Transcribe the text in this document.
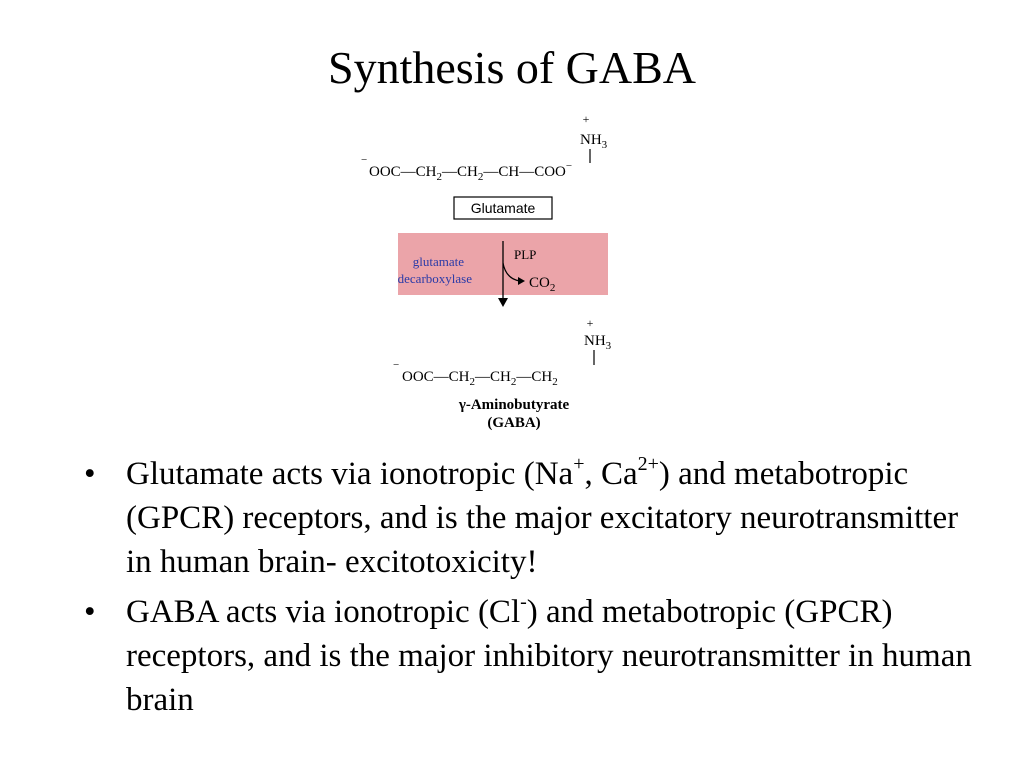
Synthesis of GABA
+
$NH_3$
−
$OOC—CH_2—CH_2—CH—COO^-$
Glutamate
glutamate
decarboxylase
PLP
$CO_2$
+
$NH_3$
−
$OOC—CH_2—CH_2—CH_2$
γ-Aminobutyrate
(GABA)
• Glutamate acts via ionotropic (Na+, $Ca^{2+}$) and metabotropic (GPCR) receptors, and is the major excitatory neurotransmitter in human brain- excitotoxicity!
• GABA acts via ionotropic (Cl-) and metabotropic (GPCR) receptors, and is the major inhibitory neurotransmitter in human brain
